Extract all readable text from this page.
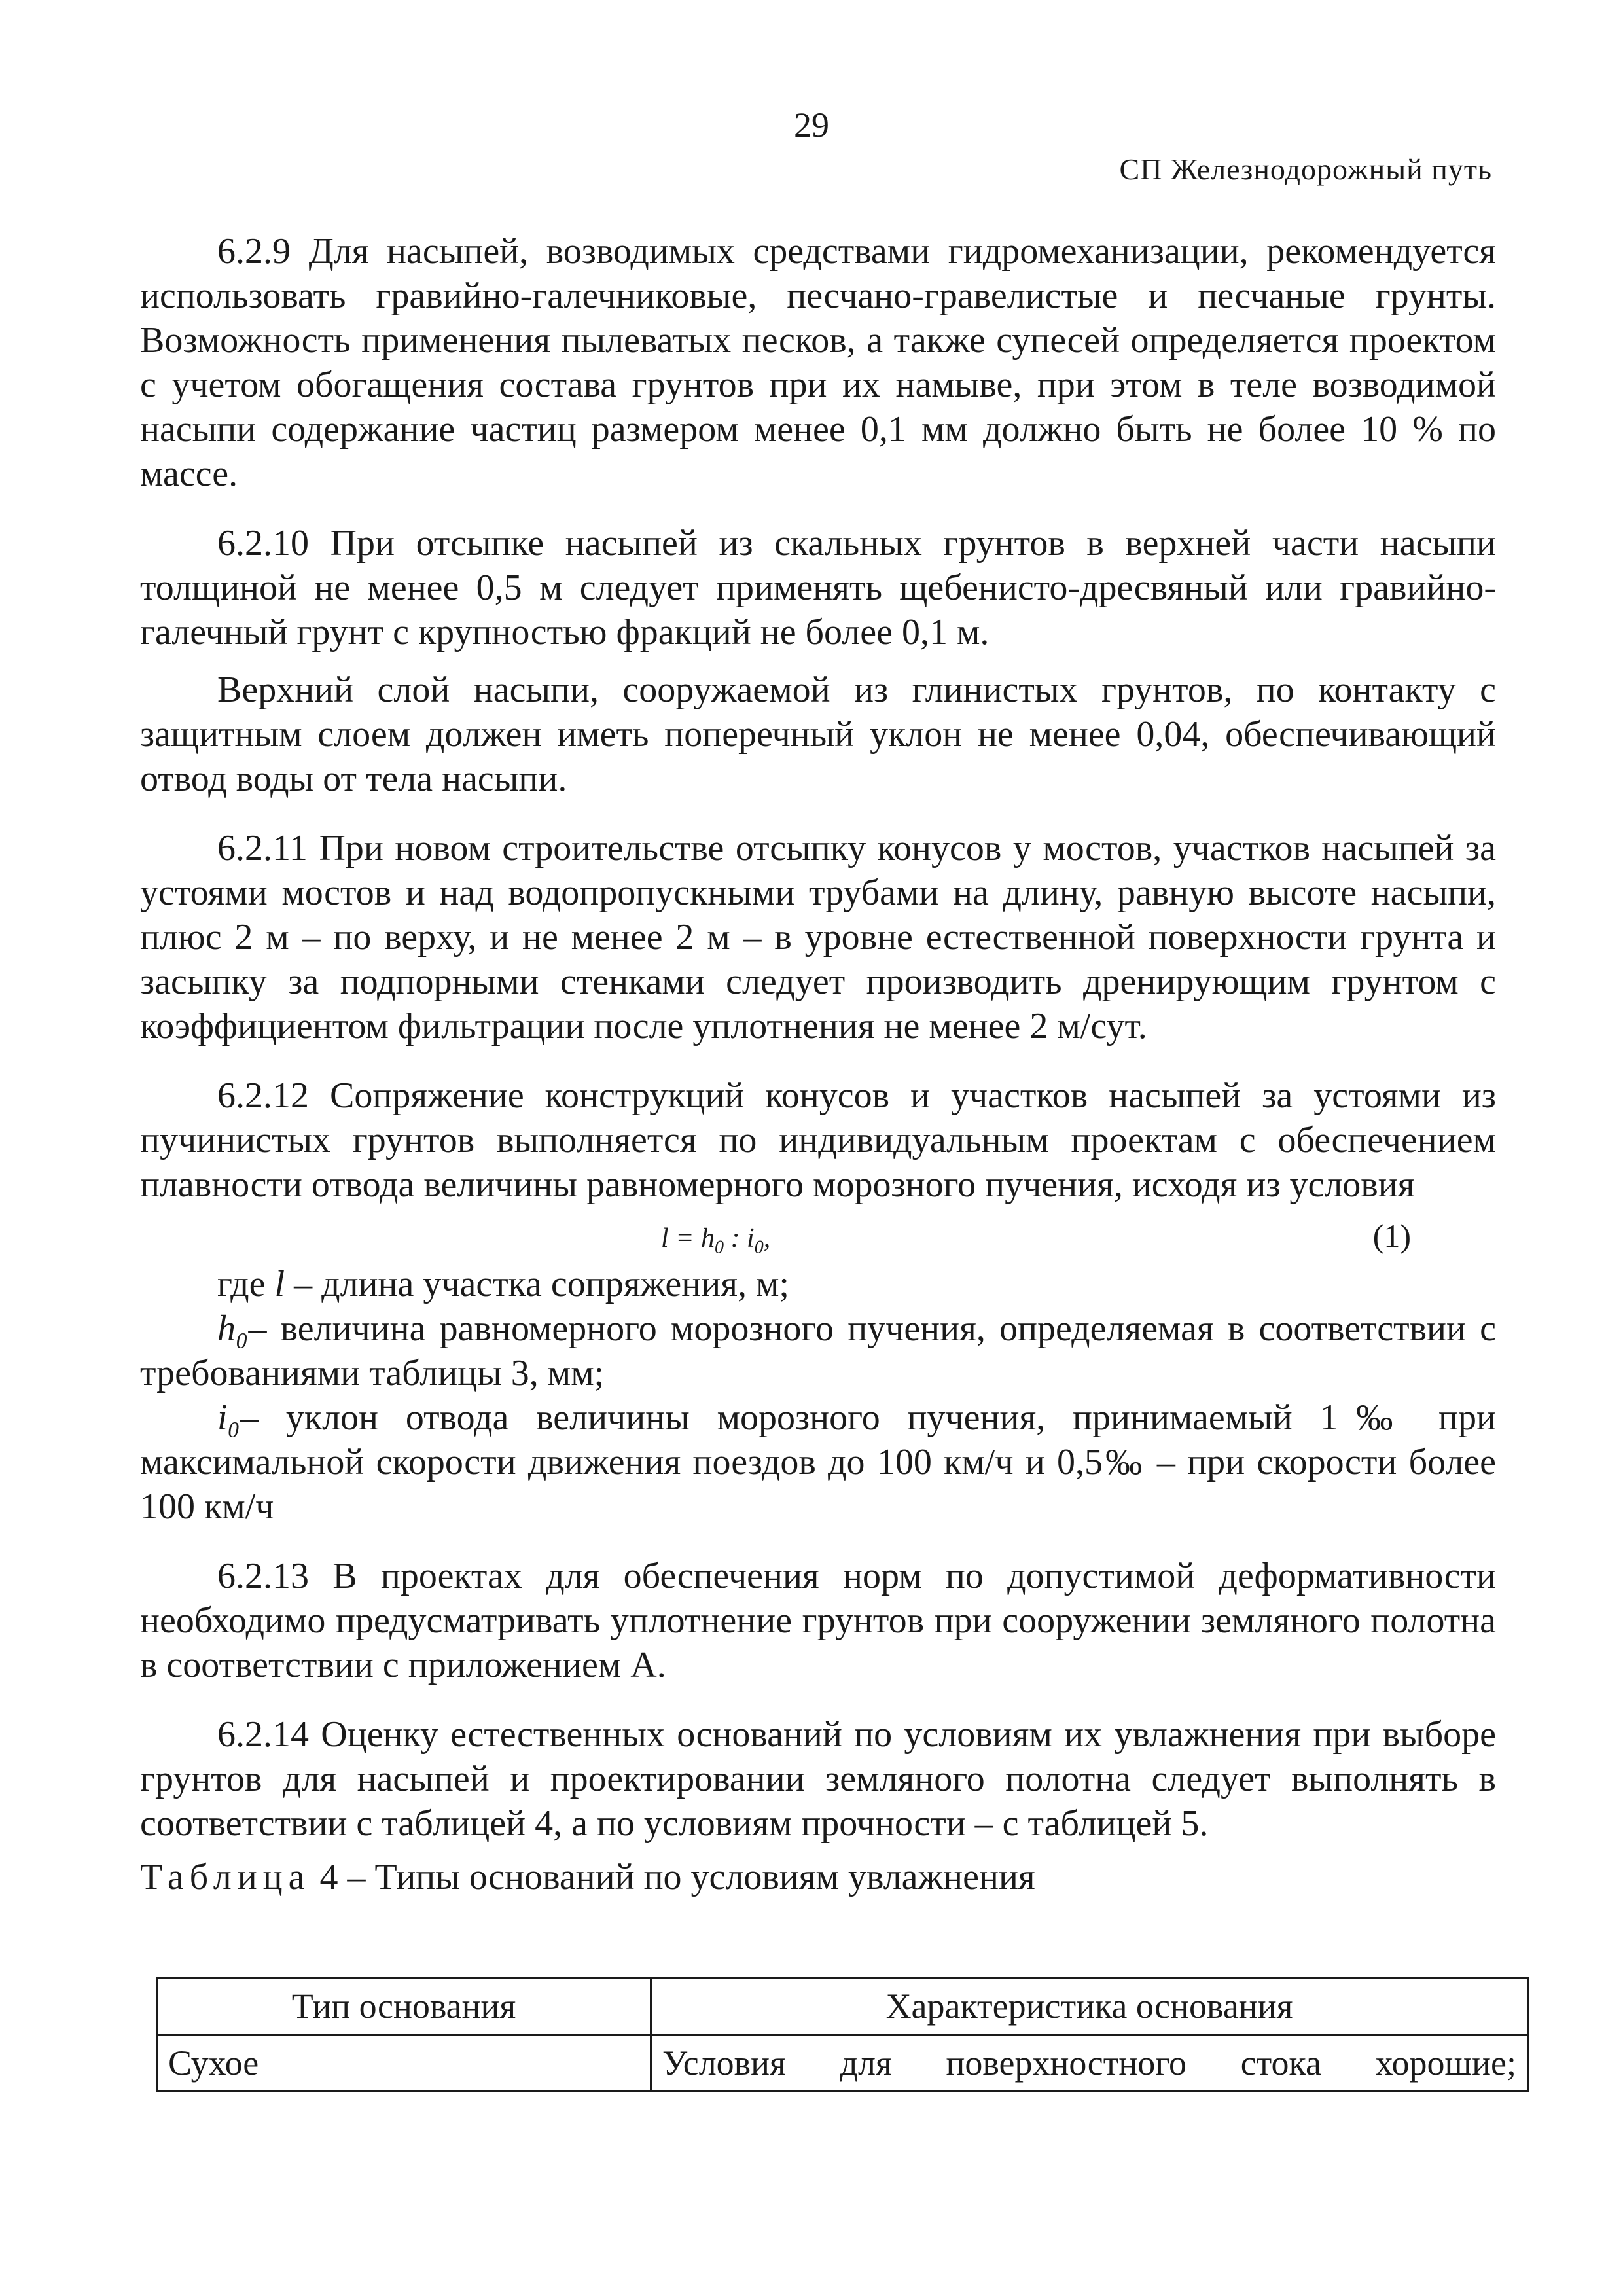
29
СП Железнодорожный путь

6.2.9 Для насыпей, возводимых средствами гидромеханизации, рекомендуется использовать гравийно-галечниковые, песчано-гравелистые и песчаные грунты. Возможность применения пылеватых песков, а также супесей определяется проектом с учетом обогащения состава грунтов при их намыве, при этом в теле возводимой насыпи содержание частиц размером менее 0,1 мм должно быть не более 10 % по массе.

6.2.10 При отсыпке насыпей из скальных грунтов в верхней части насыпи толщиной не менее 0,5 м следует применять щебенисто-дресвяный или гравийно-галечный грунт с крупностью фракций не более 0,1 м.

Верхний слой насыпи, сооружаемой из глинистых грунтов, по контакту с защитным слоем должен иметь поперечный уклон не менее 0,04, обеспечивающий отвод воды от тела насыпи.

6.2.11 При новом строительстве отсыпку конусов у мостов, участков насыпей за устоями мостов и над водопропускными трубами на длину, равную высоте насыпи, плюс 2 м – по верху, и не менее 2 м – в уровне естественной поверхности грунта и засыпку за подпорными стенками следует производить дренирующим грунтом с коэффициентом фильтрации после уплотнения не менее 2 м/сут.

6.2.12 Сопряжение конструкций конусов и участков насыпей за устоями из пучинистых грунтов выполняется по индивидуальным проектам с обеспечением плавности отвода величины равномерного морозного пучения, исходя из условия

$l = h_0$ : $i_0$,	(1)

где l – длина участка сопряжения, м;

h₀– величина равномерного морозного пучения, определяемая в соответствии с требованиями таблицы 3, мм;

i₀– уклон отвода величины морозного пучения, принимаемый 1‰ при максимальной скорости движения поездов до 100 км/ч и 0,5‰ – при скорости более 100 км/ч

6.2.13 В проектах для обеспечения норм по допустимой деформативности необходимо предусматривать уплотнение грунтов при сооружении земляного полотна в соответствии с приложением А.

6.2.14 Оценку естественных оснований по условиям их увлажнения при выборе грунтов для насыпей и проектировании земляного полотна следует выполнять в соответствии с таблицей 4, а по условиям прочности – с таблицей 5.

Таблица 4 – Типы оснований по условиям увлажнения

Тип основания	Характеристика основания
Сухое	Условия для поверхностного стока хорошие;
